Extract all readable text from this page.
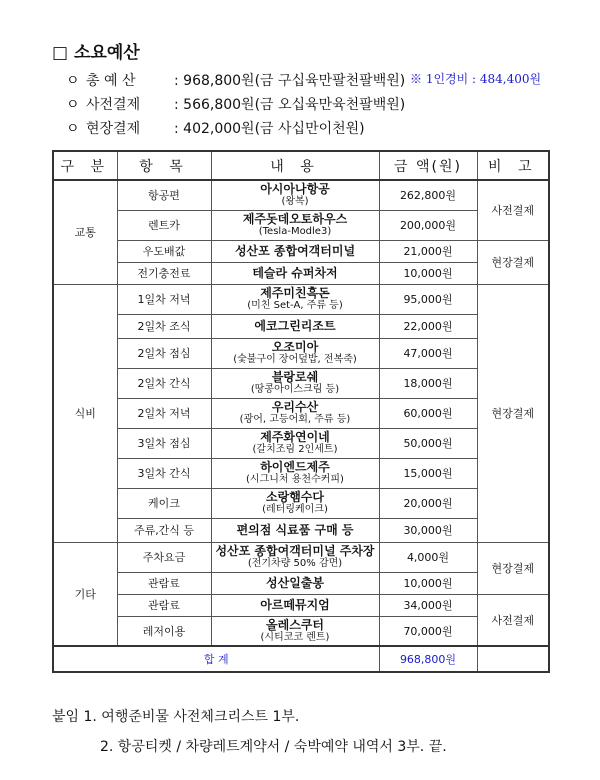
□ 소요예산
ㅇ 총 예 산	: 968,800원(금 구십육만팔천팔백원) ※ 1인경비 : 484,400원
ㅇ 사전결제 : 566,800원(금 오십육만육천팔백원)
ㅇ 현장결제 : 402,000원(금 사십만이천원)
구 분	항 목	내 용	금 액(원)	비 고
교통	항공편	아시아나항공
(왕복)	262,800원	사전결제
	렌트카	제주돗데오토하우스
(Tesla-Modle3)	200,000원	
	우도배값	성산포 종합여객터미널	21,000원	현장결제
	전기충전료	테슬라 슈퍼차저	10,000원	
식비	1일차 저녁	제주미친흑돈
(미친 Set-A, 주류 등)	95,000원	현장결제
	2일차 조식	에코그린리조트	22,000원	
	2일차 점심	오조미아
(숯불구이 장어덮밥, 전복죽)	47,000원	
	2일차 간식	블랑로쉐
(땅콩아이스크림 등)	18,000원	
	2일차 저녁	우리수산
(광어, 고등어회, 주류 등)	60,000원	
	3일차 점심	제주화연이네
(갈치조림 2인세트)	50,000원	
	3일차 간식	하이엔드제주
(시그니처 용천수커피)	15,000원	
	케이크	소랑햄수다
(레터링케이크)	20,000원	
	주류,간식 등	편의점 식료품 구매 등	30,000원	
기타	주차요금	성산포 종합여객터미널 주차장
(전기차량 50% 감면)	4,000원	현장결제
	관람료	성산일출봉	10,000원	
	관람료	아르떼뮤지엄	34,000원	사전결제
	레저이용	올레스쿠터
(시티코코 렌트)	70,000원	
합 계			968,800원	
붙임 1. 여행준비물 사전체크리스트 1부.
2. 항공티켓 / 차량레트계약서 / 숙박예약 내역서 3부. 끝.
